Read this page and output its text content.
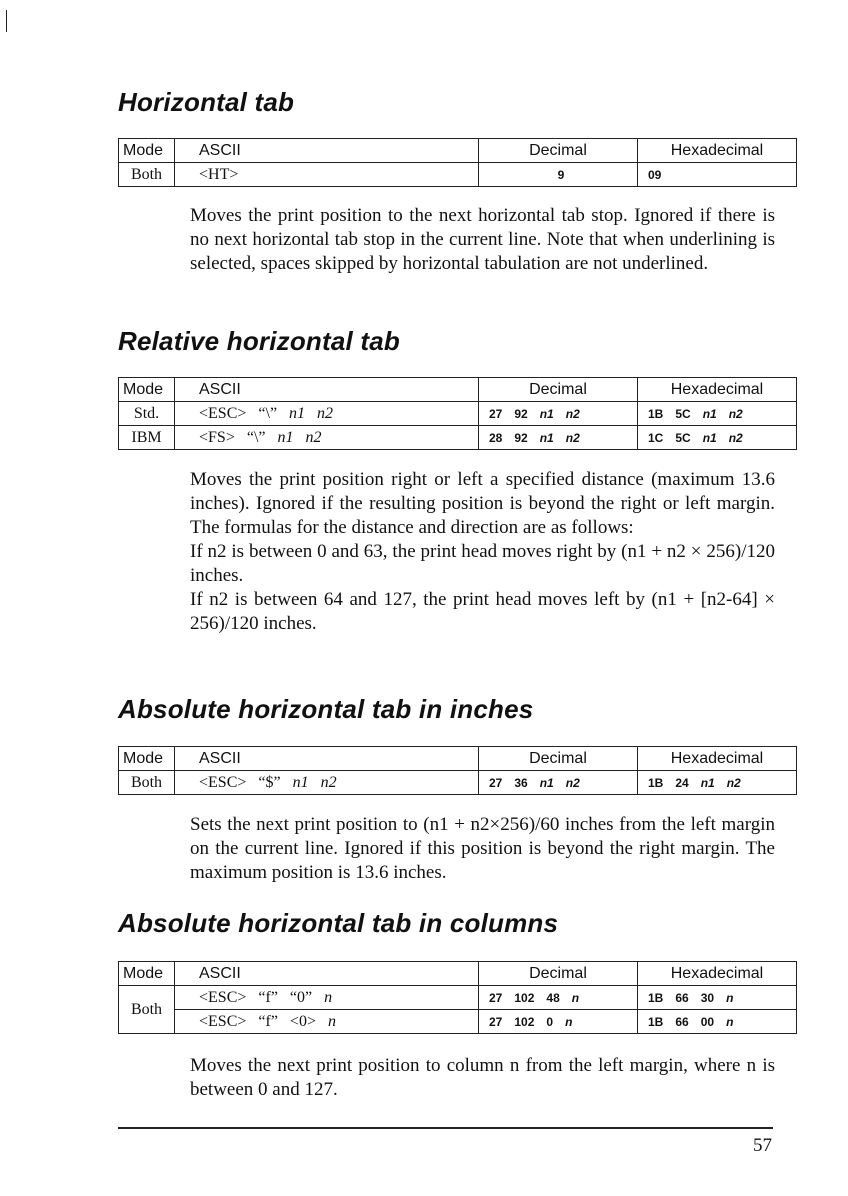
Horizontal tab
Mode	ASCII	Decimal	Hexadecimal
Both	<HT>	9	09

Moves the print position to the next horizontal tab stop. Ignored if there is no next horizontal tab stop in the current line. Note that when underlining is selected, spaces skipped by horizontal tabulation are not underlined.

Relative horizontal tab
Mode	ASCII	Decimal	Hexadecimal
Std.	<ESC> “\” n1 n2	27 92 n1 n2	1B 5C n1 n2
IBM	<FS> “\” n1 n2	28 92 n1 n2	1C 5C n1 n2

Moves the print position right or left a specified distance (maximum 13.6 inches). Ignored if the resulting position is beyond the right or left margin. The formulas for the distance and direction are as follows:

If n2 is between 0 and 63, the print head moves right by (n1 + n2 × 256)/120 inches.

If n2 is between 64 and 127, the print head moves left by (n1 + [n2-64] × 256)/120 inches.

Absolute horizontal tab in inches
Mode	ASCII	Decimal	Hexadecimal
Both	<ESC> “$” n1 n2	27 36 n1 n2	1B 24 n1 n2

Sets the next print position to (n1 + n2×256)/60 inches from the left margin on the current line. Ignored if this position is beyond the right margin. The maximum position is 13.6 inches.

Absolute horizontal tab in columns
Mode	ASCII	Decimal	Hexadecimal
Both	<ESC> “f” “0” n	27 102 48 n	1B 66 30 n
	<ESC> “f” <0> n	27 102 0 n	1B 66 00 n

Moves the next print position to column n from the left margin, where n is between 0 and 127.

57
